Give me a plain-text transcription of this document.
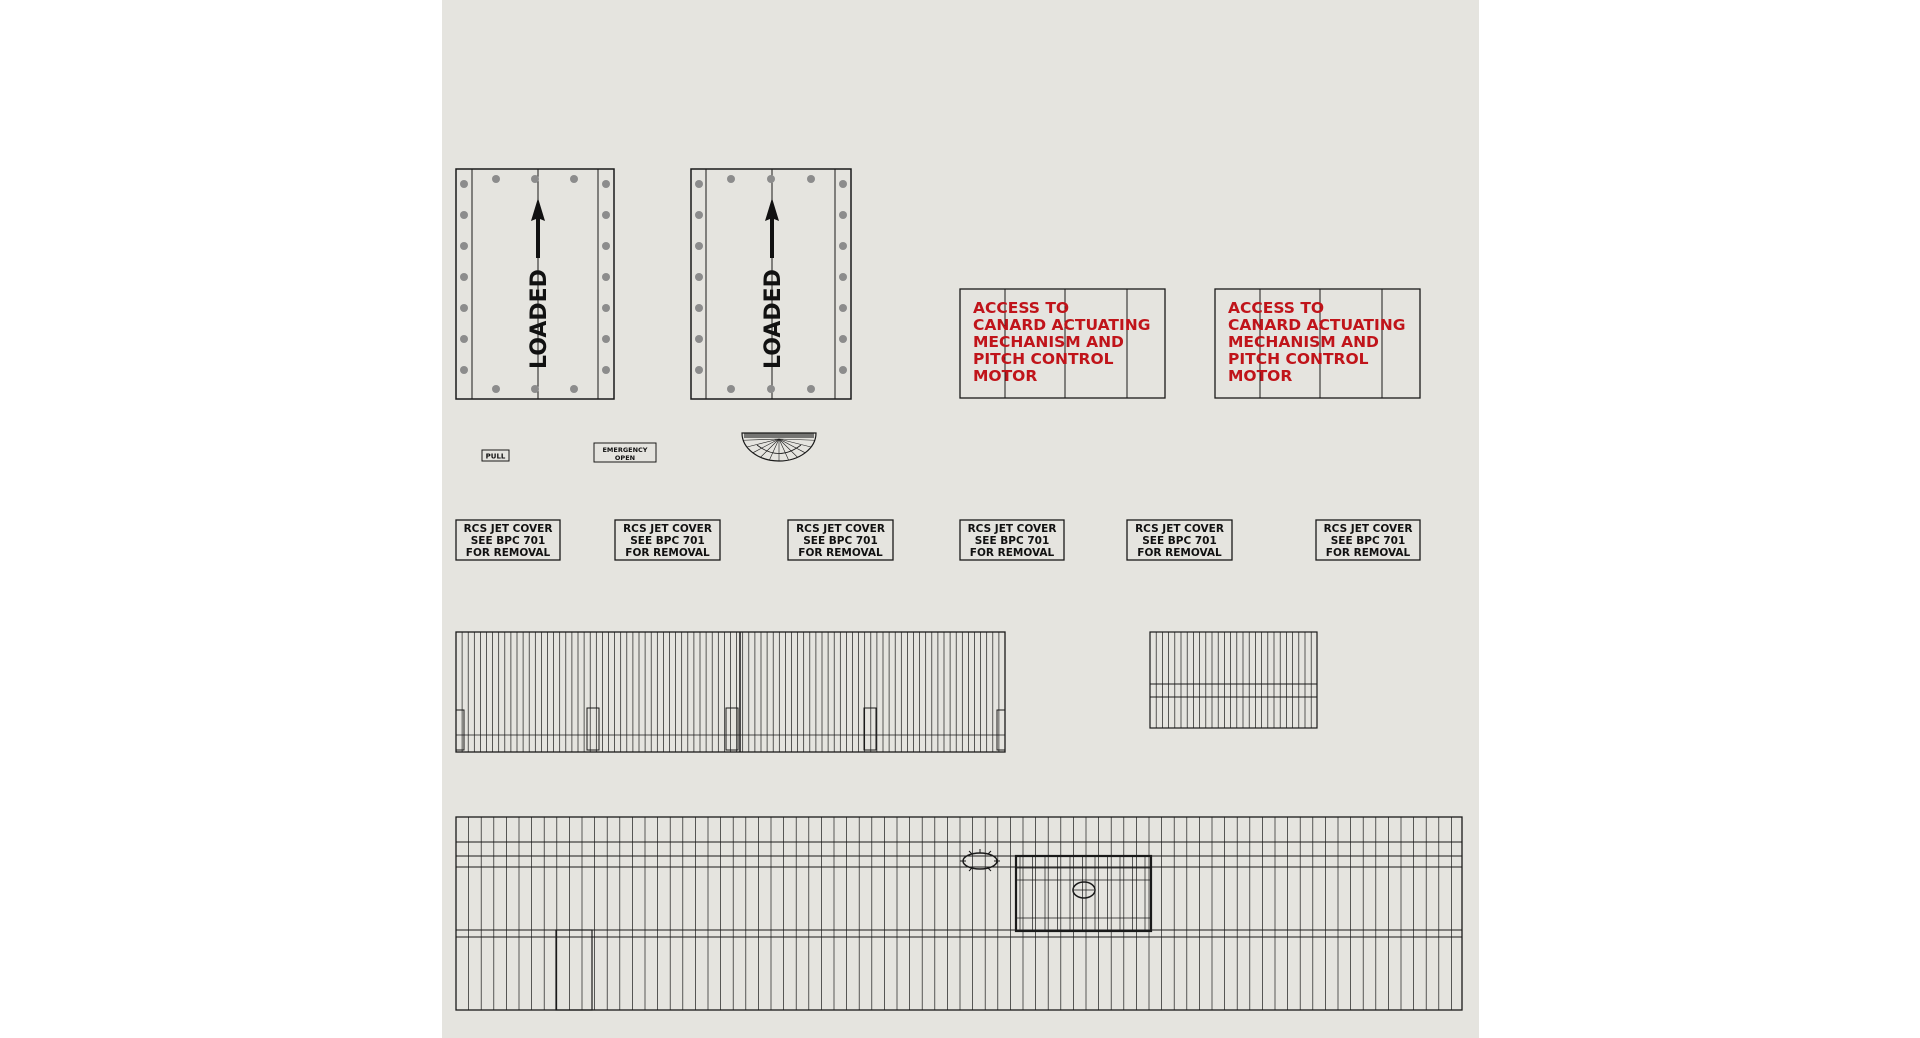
LOADED	LOADED	ACCESS TO
CANARD ACTUATING
MECHANISM AND
PITCH CONTROL
MOTOR
ACCESS TO
CANARD ACTUATING
MECHANISM AND
PITCH CONTROL
MOTOR
PULL
EMERGENCY
OPEN
RCS JET COVER
SEE BPC 701
FOR REMOVAL
RCS JET COVER
SEE BPC 701
FOR REMOVAL
RCS JET COVER
SEE BPC 701
FOR REMOVAL
RCS JET COVER
SEE BPC 701
FOR REMOVAL
RCS JET COVER
SEE BPC 701
FOR REMOVAL
RCS JET COVER
SEE BPC 701
FOR REMOVAL
